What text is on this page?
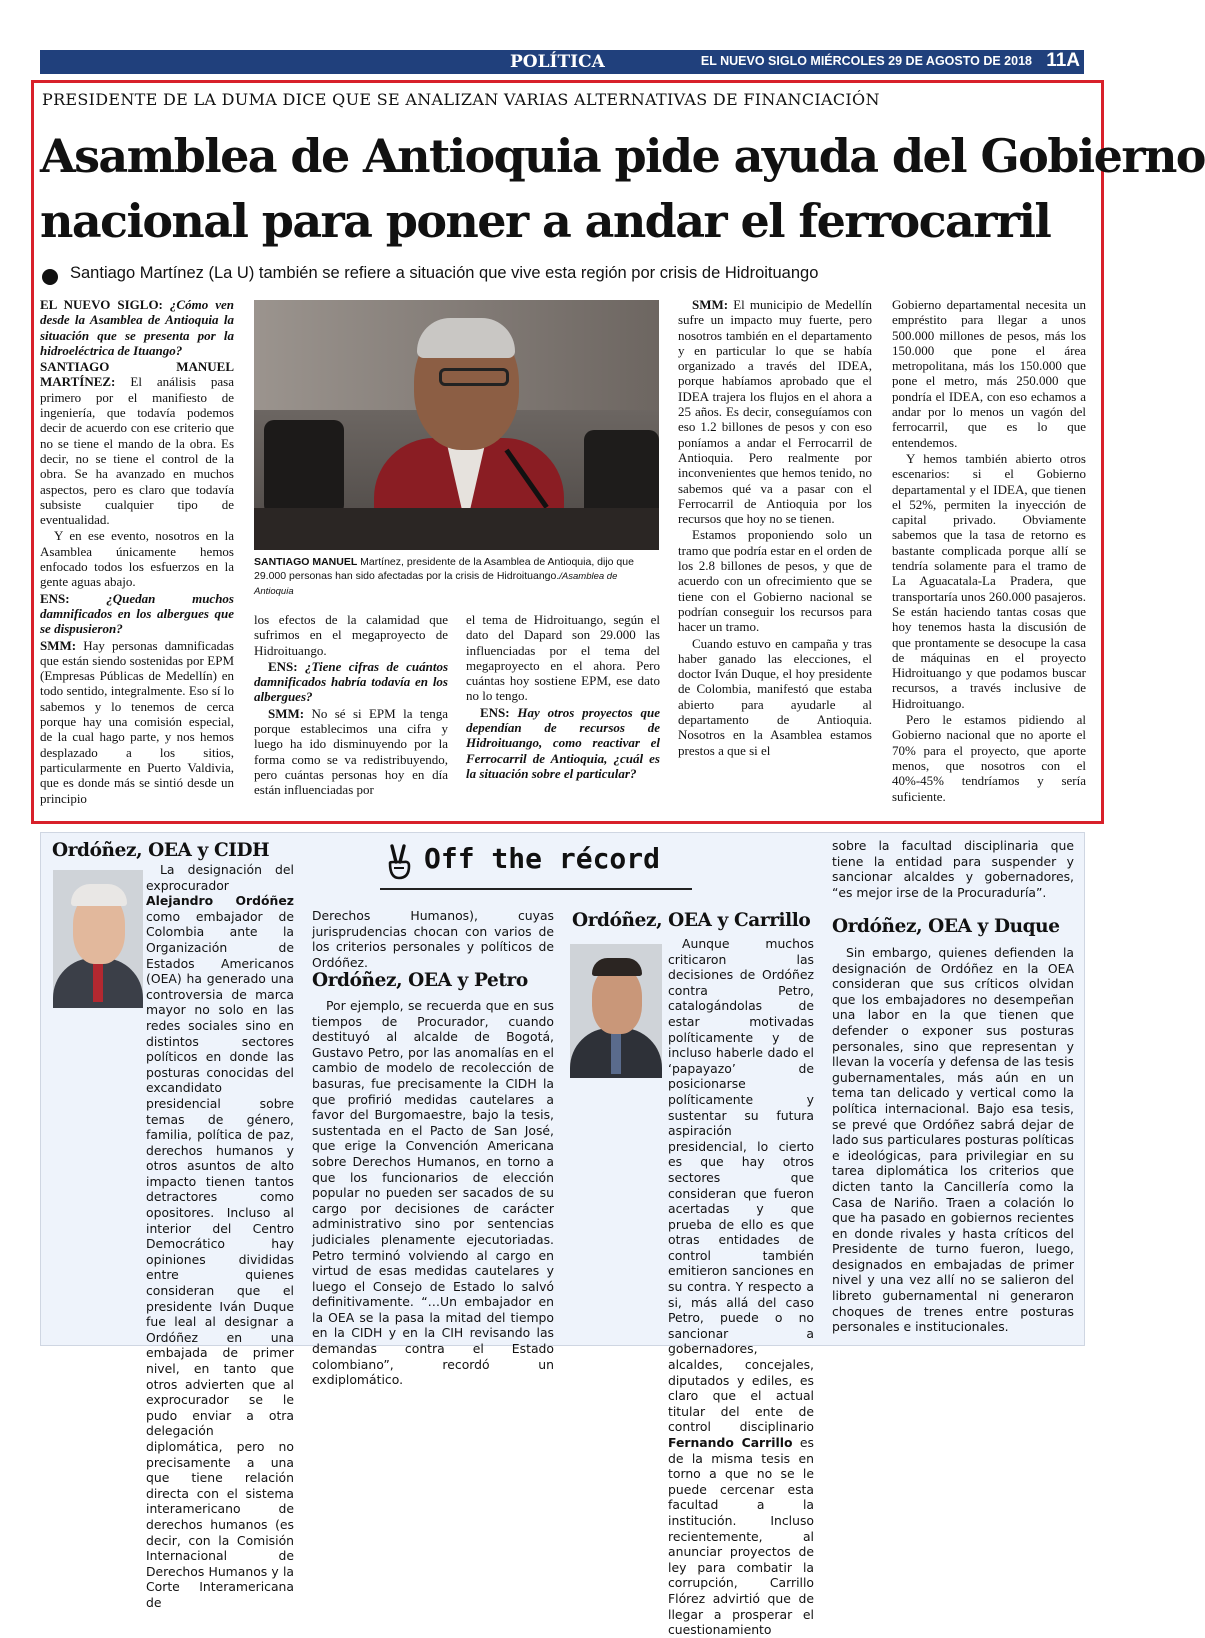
POLÍTICA	EL NUEVO SIGLO MIÉRCOLES 29 DE AGOSTO DE 2018 11A
PRESIDENTE DE LA DUMA DICE QUE SE ANALIZAN VARIAS ALTERNATIVAS DE FINANCIACIÓN
Asamblea de Antioquia pide ayuda del Gobierno
nacional para poner a andar el ferrocarril
Santiago Martínez (La U) también se refiere a situación que vive esta región por crisis de Hidroituango

EL NUEVO SIGLO: ¿Cómo ven desde la Asamblea de Antioquia la situación que se presenta por la hidroeléctrica de Ituango?

SANTIAGO MANUEL MARTÍNEZ: El análisis pasa primero por el manifiesto de ingeniería, que todavía podemos decir de acuerdo con ese criterio que no se tiene el mando de la obra. Es decir, no se tiene el control de la obra. Se ha avanzado en muchos aspectos, pero es claro que todavía subsiste cualquier tipo de eventualidad.

Y en ese evento, nosotros en la Asamblea únicamente hemos enfocado todos los esfuerzos en la gente aguas abajo.

ENS: ¿Quedan muchos damnificados en los albergues que se dispusieron?

SMM: Hay personas damnificadas que están siendo sostenidas por EPM (Empresas Públicas de Medellín) en todo sentido, integralmente. Eso sí lo sabemos y lo tenemos de cerca porque hay una comisión especial, de la cual hago parte, y nos hemos desplazado a los sitios, particularmente en Puerto Valdivia, que es donde más se sintió desde un principio

SANTIAGO MANUEL Martínez, presidente de la Asamblea de Antioquia, dijo que 29.000 personas han sido afectadas por la crisis de Hidroituango./Asamblea de Antioquia

los efectos de la calamidad que sufrimos en el megaproyecto de Hidroituango.

ENS: ¿Tiene cifras de cuántos damnificados habría todavía en los albergues?

SMM: No sé si EPM la tenga porque establecimos una cifra y luego ha ido disminuyendo por la forma como se va redistribuyendo, pero cuántas personas hoy en día están influenciadas por

el tema de Hidroituango, según el dato del Dapard son 29.000 las influenciadas por el tema del megaproyecto en el ahora. Pero cuántas hoy sostiene EPM, ese dato no lo tengo.

ENS: Hay otros proyectos que dependían de recursos de Hidroituango, como reactivar el Ferrocarril de Antioquia, ¿cuál es la situación sobre el particular?

SMM: El municipio de Medellín sufre un impacto muy fuerte, pero nosotros también en el departamento y en particular lo que se había organizado a través del IDEA, porque habíamos aprobado que el IDEA trajera los flujos en el ahora a 25 años. Es decir, conseguíamos con eso 1.2 billones de pesos y con eso poníamos a andar el Ferrocarril de Antioquia. Pero realmente por inconvenientes que hemos tenido, no sabemos qué va a pasar con el Ferrocarril de Antioquia por los recursos que hoy no se tienen.

Estamos proponiendo solo un tramo que podría estar en el orden de los 2.8 billones de pesos, y que de acuerdo con un ofrecimiento que se tiene con el Gobierno nacional se podrían conseguir los recursos para hacer un tramo.

Cuando estuvo en campaña y tras haber ganado las elecciones, el doctor Iván Duque, el hoy presidente de Colombia, manifestó que estaba abierto para ayudarle al departamento de Antioquia. Nosotros en la Asamblea estamos prestos a que si el

Gobierno departamental necesita un empréstito para llegar a unos 500.000 millones de pesos, más los 150.000 que pone el área metropolitana, más los 150.000 que pone el metro, más 250.000 que pondría el IDEA, con eso echamos a andar por lo menos un vagón del ferrocarril, que es lo que entendemos.

Y hemos también abierto otros escenarios: si el Gobierno departamental y el IDEA, que tienen el 52%, permiten la inyección de capital privado. Obviamente sabemos que la tasa de retorno es bastante complicada porque allí se tendría solamente para el tramo de La Aguacatala-La Pradera, que transportaría unos 260.000 pasajeros. Se están haciendo tantas cosas que hoy tenemos hasta la discusión de que prontamente se desocupe la casa de máquinas en el proyecto Hidroituango y que podamos buscar recursos, a través inclusive de Hidroituango.

Pero le estamos pidiendo al Gobierno nacional que no aporte el 70% para el proyecto, que aporte menos, que nosotros con el 40%-45% tendríamos y sería suficiente.

Off the récord
Ordóñez, OEA y CIDH

La designación del exprocurador Alejandro Ordóñez como embajador de Colombia ante la Organización de Estados Americanos (OEA) ha generado una controversia de marca mayor no solo en las redes sociales sino en distintos sectores políticos en donde las posturas conocidas del excandidato presidencial sobre temas de género, familia, política de paz, derechos humanos y otros asuntos de alto impacto tienen tantos detractores como opositores. Incluso al interior del Centro Democrático hay opiniones divididas entre quienes consideran que el presidente Iván Duque fue leal al designar a Ordóñez en una embajada de primer nivel, en tanto que otros advierten que al exprocurador se le pudo enviar a otra delegación diplomática, pero no precisamente a una que tiene relación directa con el sistema interamericano de derechos humanos (es decir, con la Comisión Internacional de Derechos Humanos y la Corte Interamericana de

Derechos Humanos), cuyas jurisprudencias chocan con varios de los criterios personales y políticos de Ordóñez.
Ordóñez, OEA y Petro

Por ejemplo, se recuerda que en sus tiempos de Procurador, cuando destituyó al alcalde de Bogotá, Gustavo Petro, por las anomalías en el cambio de modelo de recolección de basuras, fue precisamente la CIDH la que profirió medidas cautelares a favor del Burgomaestre, bajo la tesis, sustentada en el Pacto de San José, que erige la Convención Americana sobre Derechos Humanos, en torno a que los funcionarios de elección popular no pueden ser sacados de su cargo por decisiones de carácter administrativo sino por sentencias judiciales plenamente ejecutoriadas. Petro terminó volviendo al cargo en virtud de esas medidas cautelares y luego el Consejo de Estado lo salvó definitivamente. “…Un embajador en la OEA se la pasa la mitad del tiempo en la CIDH y en la CIH revisando las demandas contra el Estado colombiano”, recordó un exdiplomático.

Ordóñez, OEA y Carrillo

Aunque muchos criticaron las decisiones de Ordóñez contra Petro, catalogándolas de estar motivadas políticamente y de incluso haberle dado el ‘papayazo’ de posicionarse políticamente y sustentar su futura aspiración presidencial, lo cierto es que hay otros sectores que consideran que fueron acertadas y que prueba de ello es que otras entidades de control también emitieron sanciones en su contra. Y respecto a si, más allá del caso Petro, puede o no sancionar a gobernadores, alcaldes, concejales, diputados y ediles, es claro que el actual titular del ente de control disciplinario Fernando Carrillo es de la misma tesis en torno a que no se le puede cercenar esta facultad a la institución. Incluso recientemente, al anunciar proyectos de ley para combatir la corrupción, Carrillo Flórez advirtió que de llegar a prosperar el cuestionamiento

sobre la facultad disciplinaria que tiene la entidad para suspender y sancionar alcaldes y gobernadores, “es mejor irse de la Procuraduría”.
Ordóñez, OEA y Duque

Sin embargo, quienes defienden la designación de Ordóñez en la OEA consideran que sus críticos olvidan que los embajadores no desempeñan una labor en la que tienen que defender o exponer sus posturas personales, sino que representan y llevan la vocería y defensa de las tesis gubernamentales, más aún en un tema tan delicado y vertical como la política internacional. Bajo esa tesis, se prevé que Ordóñez sabrá dejar de lado sus particulares posturas políticas e ideológicas, para privilegiar en su tarea diplomática los criterios que dicten tanto la Cancillería como la Casa de Nariño. Traen a colación lo que ha pasado en gobiernos recientes en donde rivales y hasta críticos del Presidente de turno fueron, luego, designados en embajadas de primer nivel y una vez allí no se salieron del libreto gubernamental ni generaron choques de trenes entre posturas personales e institucionales.
